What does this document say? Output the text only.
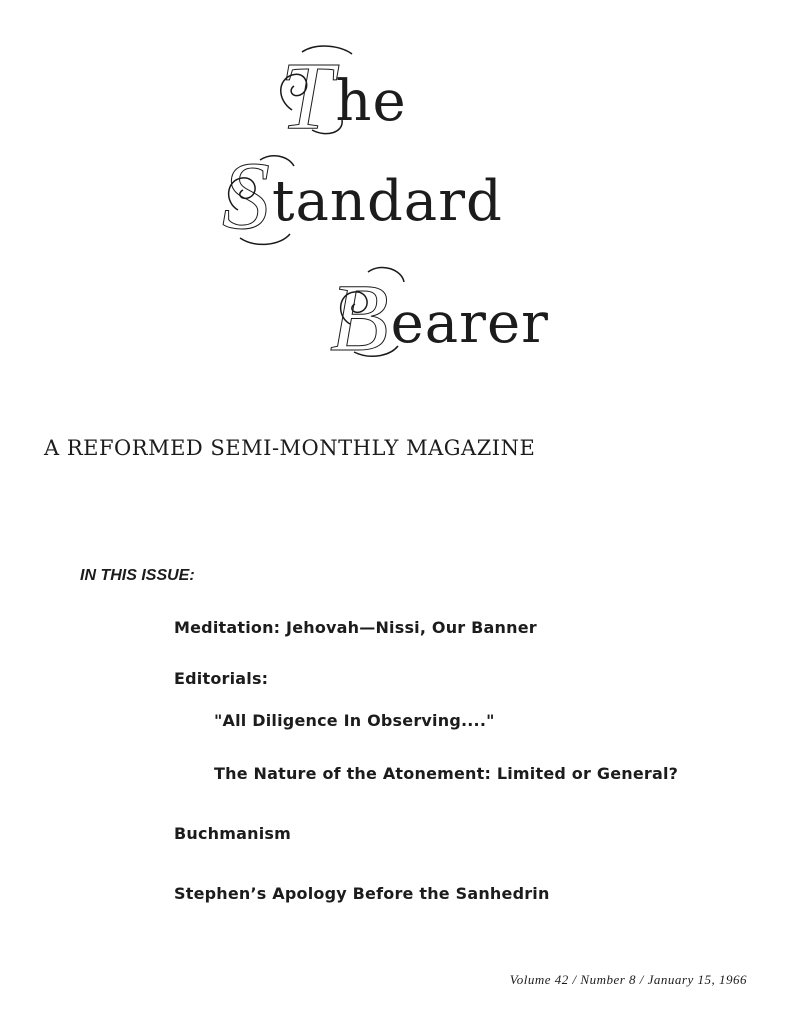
The
Standard
Bearer
A REFORMED SEMI-MONTHLY MAGAZINE
IN THIS ISSUE:
Meditation: Jehovah—Nissi, Our Banner
Editorials:
"All Diligence In Observing...."
The Nature of the Atonement: Limited or General?
Buchmanism
Stephen’s Apology Before the Sanhedrin
Volume 42 / Number 8 / January 15, 1966
